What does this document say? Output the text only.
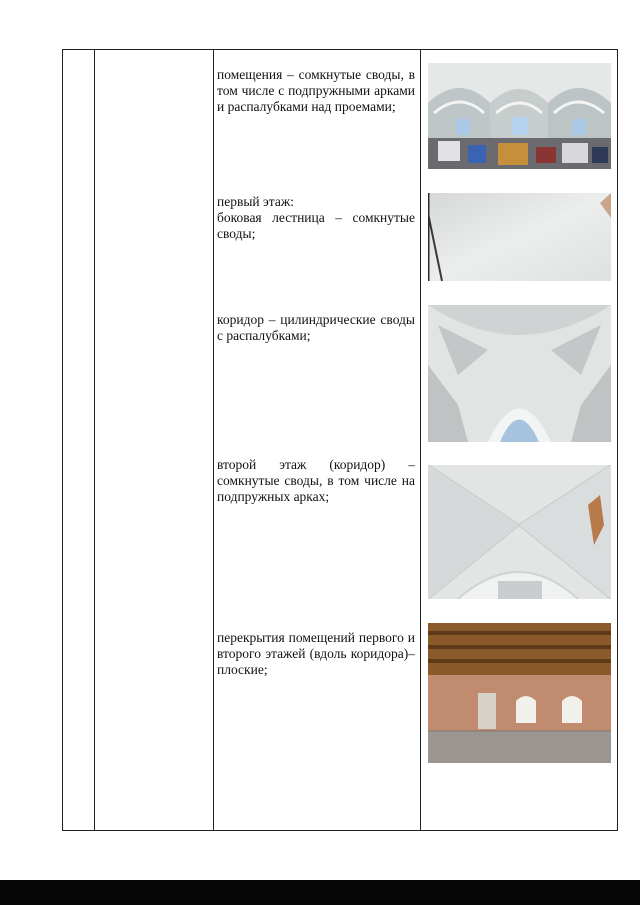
помещения – сомкнутые своды, в том числе с подпружными арками и распалубками над проемами;
первый этаж:
боковая лестница – сомкнутые своды;
коридор – цилиндрические своды с распалубками;
второй этаж (коридор) – сомкнутые своды, в том числе на подпружных арках;
перекрытия помещений первого и второго этажей (вдоль коридора)– плоские;
